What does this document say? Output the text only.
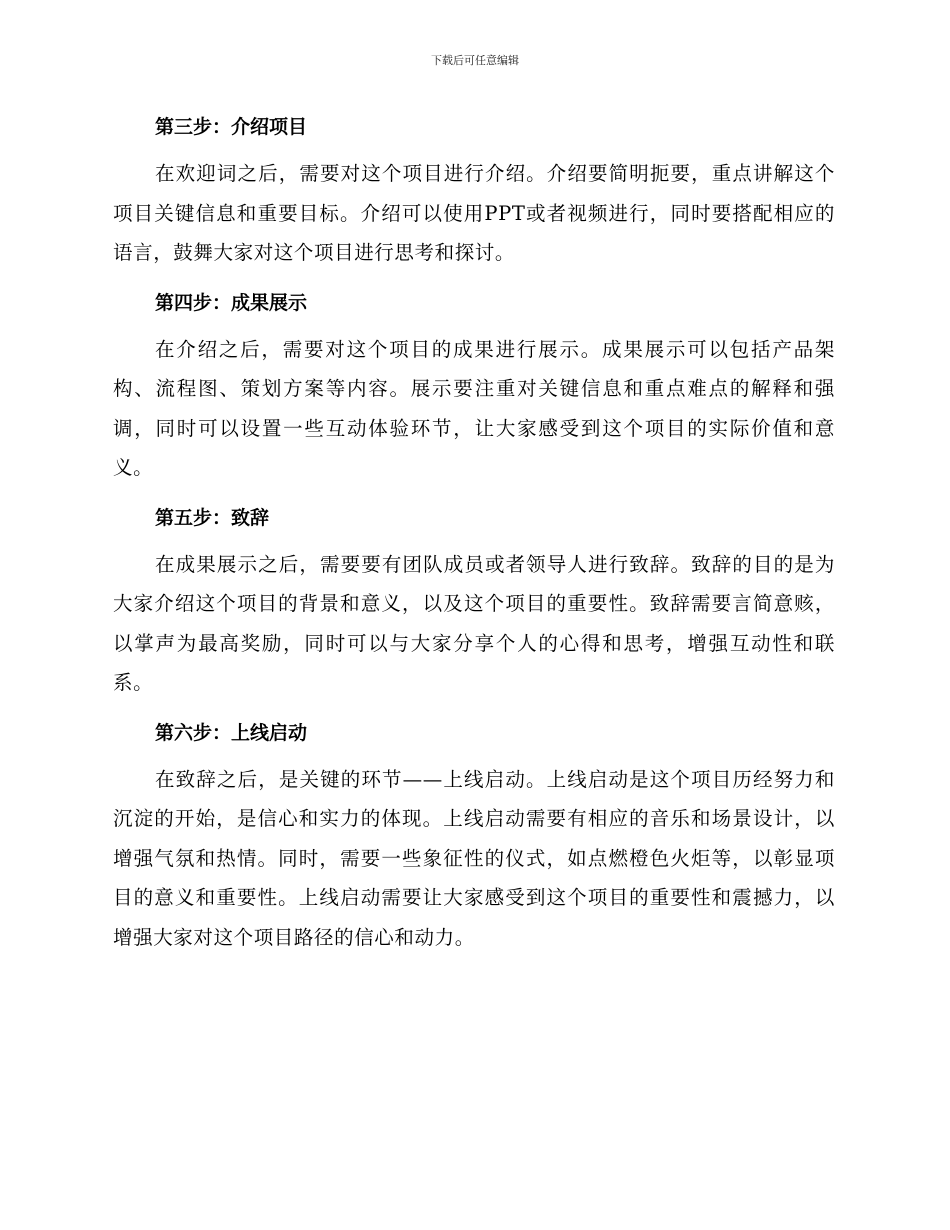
下载后可任意编辑
第三步：介绍项目

在欢迎词之后，需要对这个项目进行介绍。介绍要简明扼要，重点讲解这个项目关键信息和重要目标。介绍可以使用PPT或者视频进行，同时要搭配相应的语言，鼓舞大家对这个项目进行思考和探讨。

第四步：成果展示

在介绍之后，需要对这个项目的成果进行展示。成果展示可以包括产品架构、流程图、策划方案等内容。展示要注重对关键信息和重点难点的解释和强调，同时可以设置一些互动体验环节，让大家感受到这个项目的实际价值和意义。

第五步：致辞

在成果展示之后，需要要有团队成员或者领导人进行致辞。致辞的目的是为大家介绍这个项目的背景和意义，以及这个项目的重要性。致辞需要言简意赅，以掌声为最高奖励，同时可以与大家分享个人的心得和思考，增强互动性和联系。

第六步：上线启动

在致辞之后，是关键的环节——上线启动。上线启动是这个项目历经努力和沉淀的开始，是信心和实力的体现。上线启动需要有相应的音乐和场景设计，以增强气氛和热情。同时，需要一些象征性的仪式，如点燃橙色火炬等，以彰显项目的意义和重要性。上线启动需要让大家感受到这个项目的重要性和震撼力，以增强大家对这个项目路径的信心和动力。
